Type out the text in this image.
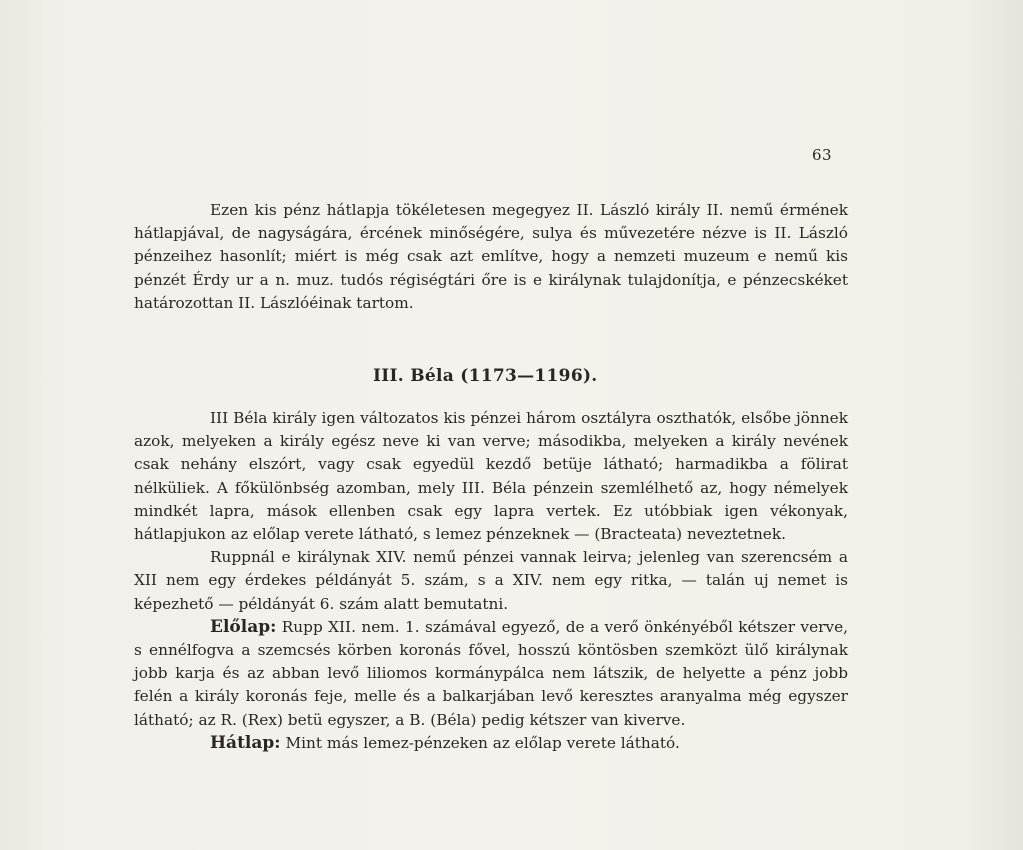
63

Ezen kis pénz hátlapja tökéletesen megegyez II. László király II. nemű érmének hátlapjával, de nagyságára, ércének minőségére, sulya és művezetére nézve is II. László pénzeihez hasonlít; miért is még csak azt említve, hogy a nemzeti muzeum e nemű kis pénzét Érdy ur a n. muz. tudós régiségtári őre is e királynak tulajdonítja, e pénzecskéket határozottan II. Lászlóéinak tartom.

III. Béla (1173—1196).

III Béla király igen változatos kis pénzei három osztályra oszthatók, elsőbe jönnek azok, melyeken a király egész neve ki van verve; másodikba, melyeken a király nevének csak nehány elszórt, vagy csak egyedül kezdő betüje látható; harmadikba a fölirat nélküliek. A főkülönbség azomban, mely III. Béla pénzein szemlélhető az, hogy némelyek mindkét lapra, mások ellenben csak egy lapra vertek. Ez utóbbiak igen vékonyak, hátlapjukon az előlap verete látható, s lemez pénzeknek — (Bracteata) neveztetnek.

Ruppnál e királynak XIV. nemű pénzei vannak leirva; jelenleg van szerencsém a XII nem egy érdekes példányát 5. szám, s a XIV. nem egy ritka, — talán uj nemet is képezhető — példányát 6. szám alatt bemutatni.

Előlap: Rupp XII. nem. 1. számával egyező, de a verő önkényéből kétszer verve, s ennélfogva a szemcsés körben koronás fővel, hosszú köntösben szemközt ülő királynak jobb karja és az abban levő liliomos kormánypálca nem látszik, de helyette a pénz jobb felén a király koronás feje, melle és a balkarjában levő keresztes aranyalma még egyszer látható; az R. (Rex) betü egyszer, a B. (Béla) pedig kétszer van kiverve.

Hátlap: Mint más lemez-pénzeken az előlap verete látható.
